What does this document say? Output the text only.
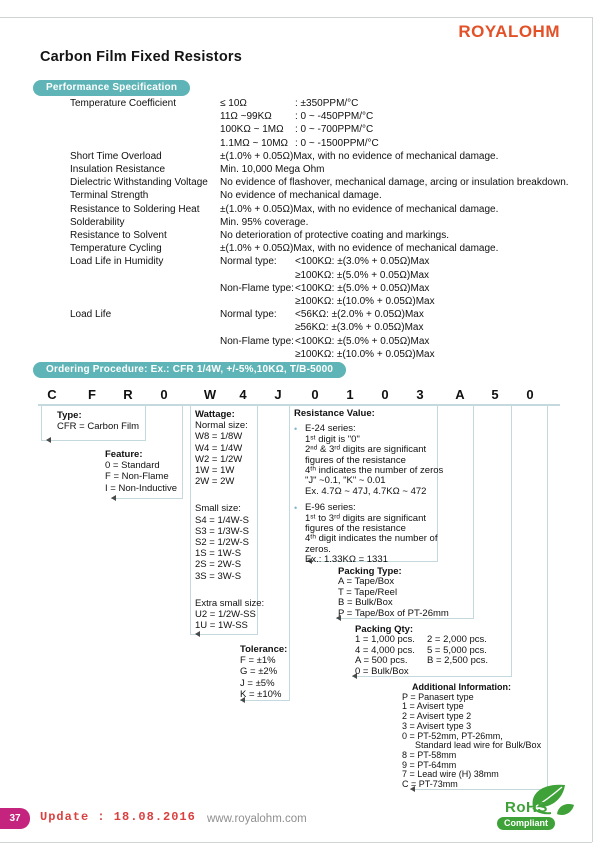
ROYALOHM
Carbon Film Fixed Resistors
Performance Specification
Temperature Coefficient	≤ 10Ω	: ±350PPM/°C
11Ω ~99KΩ	: 0 ~ -450PPM/°C
100KΩ ~ 1MΩ	: 0 ~ -700PPM/°C
1.1MΩ ~ 10MΩ : 0 ~ -1500PPM/°C
Short Time Overload	±(1.0% + 0.05Ω)Max, with no evidence of mechanical damage.
Insulation Resistance	Min. 10,000 Mega Ohm
Dielectric Withstanding Voltage	No evidence of flashover, mechanical damage, arcing or insulation breakdown.
Terminal Strength	No evidence of mechanical damage.
Resistance to Soldering Heat	±(1.0% + 0.05Ω)Max, with no evidence of mechanical damage.
Solderability	Min. 95% coverage.
Resistance to Solvent	No deterioration of protective coating and markings.
Temperature Cycling	±(1.0% + 0.05Ω)Max, with no evidence of mechanical damage.
Load Life in Humidity	Normal type:	<100KΩ: ±(3.0% + 0.05Ω)Max
≥100KΩ: ±(5.0% + 0.05Ω)Max
Non-Flame type: <100KΩ: ±(5.0% + 0.05Ω)Max
≥100KΩ: ±(10.0% + 0.05Ω)Max
Load Life	Normal type:	<56KΩ: ±(2.0% + 0.05Ω)Max
≥56KΩ: ±(3.0% + 0.05Ω)Max
Non-Flame type: <100KΩ: ±(5.0% + 0.05Ω)Max
≥100KΩ: ±(10.0% + 0.05Ω)Max
Ordering Procedure: Ex.: CFR 1/4W, +/-5%,10KΩ, T/B-5000
C F R 0	W 4 J 0 1 0 3 A 5 0
Type:
CFR = Carbon Film
Feature:
0 = Standard
F = Non-Flame
I = Non-Inductive
Wattage:
Normal size:
W8 = 1/8W
W4 = 1/4W
W2 = 1/2W
1W = 1W
2W = 2W
Small size:
S4 = 1/4W-S
S3 = 1/3W-S
S2 = 1/2W-S
1S = 1W-S
2S = 2W-S
3S = 3W-S
Extra small size:
U2 = 1/2W-SS
1U = 1W-SS
Tolerance:
F = ±1%
G = ±2%
J = ±5%
K = ±10%
Resistance Value:
• E-24 series:
1ˢᵗ digit is "0"
2ⁿᵈ & 3ʳᵈ digits are significant
figures of the resistance
4ᵗʰ indicates the number of zeros
"J" ~0.1, "K" ~ 0.01
Ex. 4.7Ω ~ 47J, 4.7KΩ ~ 472
• E-96 series:
1ˢᵗ to 3ʳᵈ digits are significant
figures of the resistance
4ᵗʰ digit indicates the number of
zeros.
Ex.: 1.33KΩ = 1331
Packing Type:
A = Tape/Box
T = Tape/Reel
B = Bulk/Box
P = Tape/Box of PT-26mm
Packing Qty:
1 = 1,000 pcs. 2 = 2,000 pcs.
4 = 4,000 pcs. 5 = 5,000 pcs.
A = 500 pcs. B = 2,500 pcs.
0 = Bulk/Box
Additional Information:
P = Panasert type
1 = Avisert type
2 = Avisert type 2
3 = Avisert type 3
0 = PT-52mm, PT-26mm,
Standard lead wire for Bulk/Box
8 = PT-58mm
9 = PT-64mm
7 = Lead wire (H) 38mm
C = PT-73mm
37	Update : 18.08.2016 www.royalohm.com
RoHS
Compliant
